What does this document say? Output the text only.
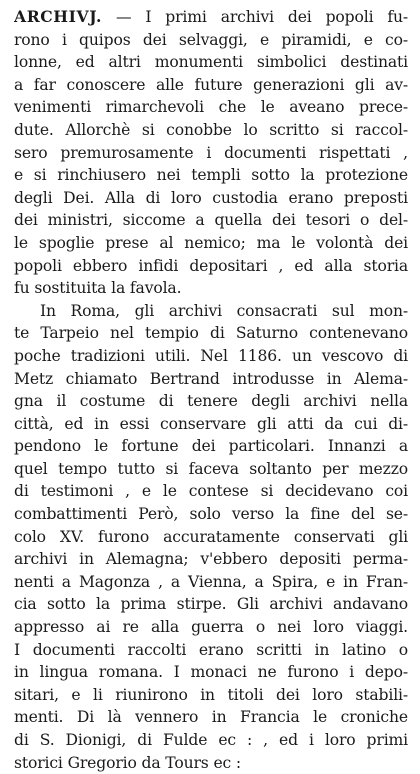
ARCHIVJ. — I primi archivi dei popoli fu-
rono i quipos dei selvaggi, e piramidi, e co-
lonne, ed altri monumenti simbolici destinati
a far conoscere alle future generazioni gli av-
venimenti rimarchevoli che le aveano prece-
dute. Allorchè si conobbe lo scritto si raccol-
sero premurosamente i documenti rispettati ,
e si rinchiusero nei templi sotto la protezione
degli Dei. Alla di loro custodia erano preposti
dei ministri, siccome a quella dei tesori o del-
le spoglie prese al nemico; ma le volontà dei
popoli ebbero infidi depositari , ed alla storia
fu sostituita la favola.
In Roma, gli archivi consacrati sul mon-
te Tarpeio nel tempio di Saturno contenevano
poche tradizioni utili. Nel 1186. un vescovo di
Metz chiamato Bertrand introdusse in Alema-
gna il costume di tenere degli archivi nella
città, ed in essi conservare gli atti da cui di-
pendono le fortune dei particolari. Innanzi a
quel tempo tutto si faceva soltanto per mezzo
di testimoni , e le contese si decidevano coi
combattimenti Però, solo verso la fine del se-
colo XV. furono accuratamente conservati gli
archivi in Alemagna; v'ebbero depositi perma-
nenti a Magonza , a Vienna, a Spira, e in Fran-
cia sotto la prima stirpe. Gli archivi andavano
appresso ai re alla guerra o nei loro viaggi.
I documenti raccolti erano scritti in latino o
in lingua romana. I monaci ne furono i depo-
sitari, e li riunirono in titoli dei loro stabili-
menti. Di là vennero in Francia le croniche
di S. Dionigi, di Fulde ec : , ed i loro primi
storici Gregorio da Tours ec :
